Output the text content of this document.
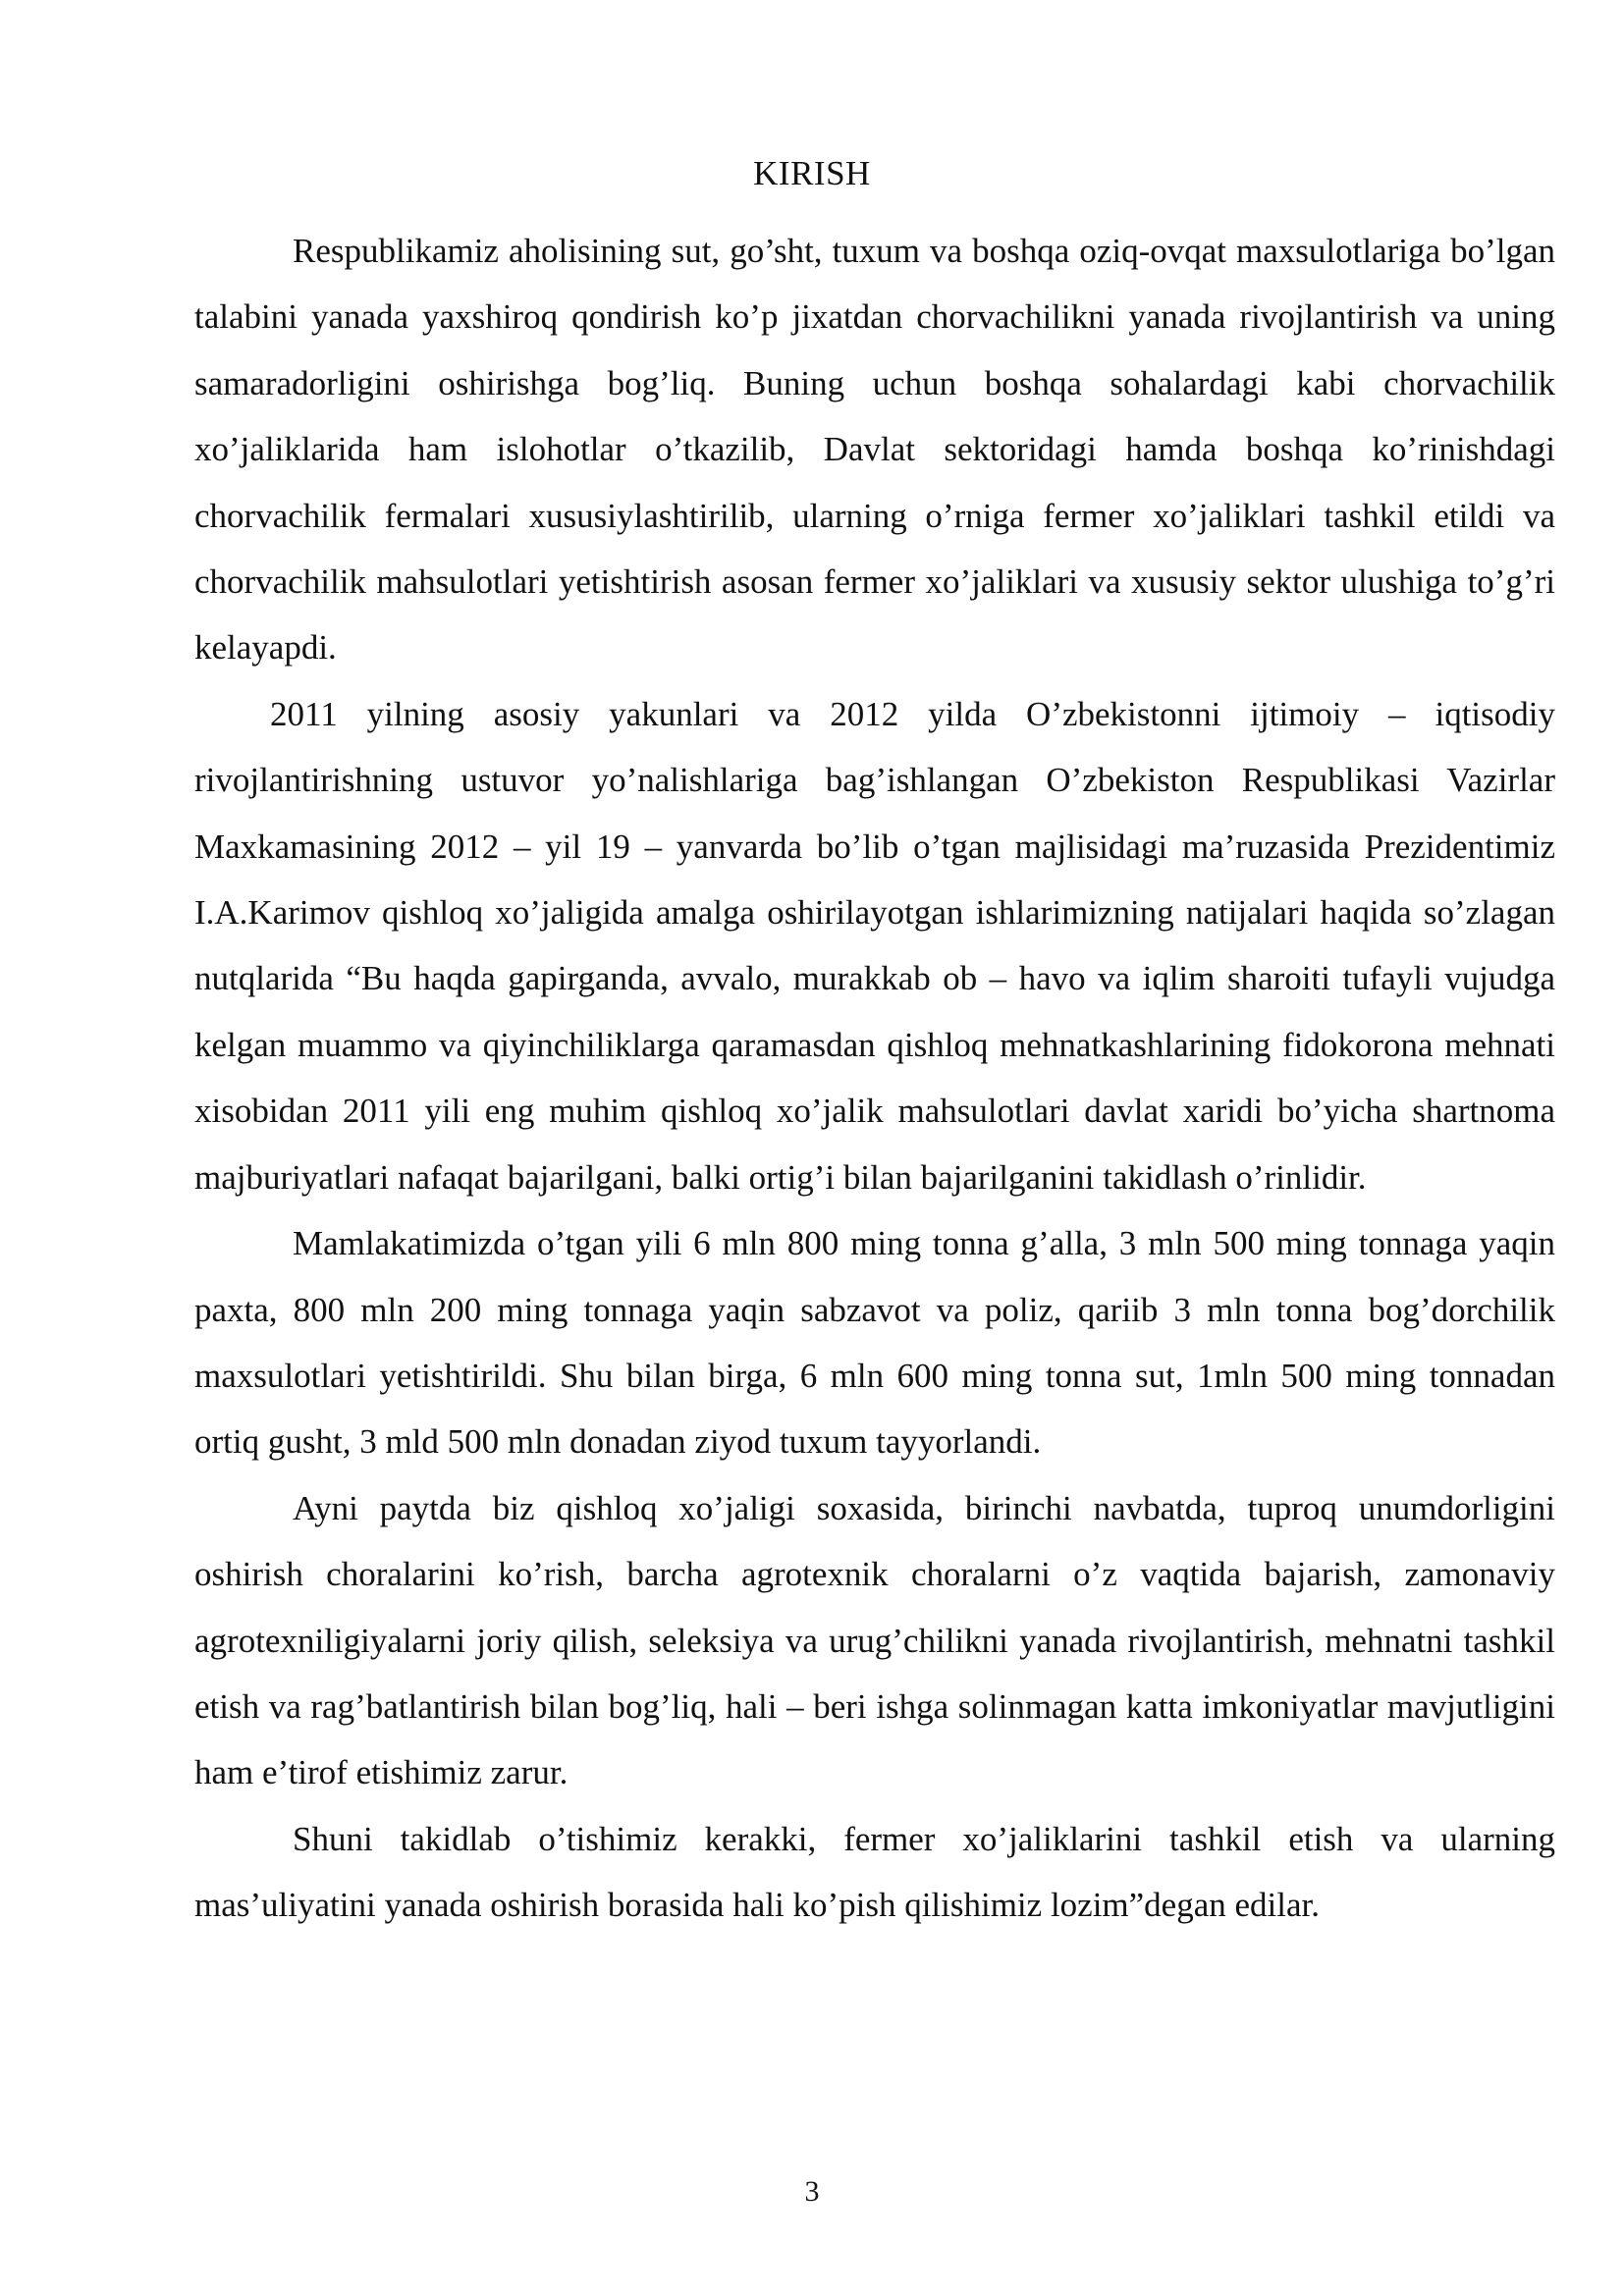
KIRISH

Respublikamiz aholisining sut, go’sht, tuxum va boshqa oziq-ovqat maxsulotlariga bo’lgan talabini yanada yaxshiroq qondirish ko’p jixatdan chorvachilikni yanada rivojlantirish va uning samaradorligini oshirishga bog’liq. Buning uchun boshqa sohalardagi kabi chorvachilik xo’jaliklarida ham islohotlar o’tkazilib, Davlat sektoridagi hamda boshqa ko’rinishdagi chorvachilik fermalari xususiylashtirilib, ularning o’rniga fermer xo’jaliklari tashkil etildi va chorvachilik mahsulotlari yetishtirish asosan fermer xo’jaliklari va xususiy sektor ulushiga to’g’ri kelayapdi.

2011 yilning asosiy yakunlari va 2012 yilda O’zbekistonni ijtimoiy – iqtisodiy rivojlantirishning ustuvor yo’nalishlariga bag’ishlangan O’zbekiston Respublikasi Vazirlar Maxkamasining 2012 – yil 19 – yanvarda bo’lib o’tgan majlisidagi ma’ruzasida Prezidentimiz I.A.Karimov qishloq xo’jaligida amalga oshirilayotgan ishlarimizning natijalari haqida so’zlagan nutqlarida “Bu haqda gapirganda, avvalo, murakkab ob – havo va iqlim sharoiti tufayli vujudga kelgan muammo va qiyinchiliklarga qaramasdan qishloq mehnatkashlarining fidokorona mehnati xisobidan 2011 yili eng muhim qishloq xo’jalik mahsulotlari davlat xaridi bo’yicha shartnoma majburiyatlari nafaqat bajarilgani, balki ortig’i bilan bajarilganini takidlash o’rinlidir.

Mamlakatimizda o’tgan yili 6 mln 800 ming tonna g’alla, 3 mln 500 ming tonnaga yaqin paxta, 800 mln 200 ming tonnaga yaqin sabzavot va poliz, qariib 3 mln tonna bog’dorchilik maxsulotlari yetishtirildi. Shu bilan birga, 6 mln 600 ming tonna sut, 1mln 500 ming tonnadan ortiq gusht, 3 mld 500 mln donadan ziyod tuxum tayyorlandi.

Ayni paytda biz qishloq xo’jaligi soxasida, birinchi navbatda, tuproq unumdorligini oshirish choralarini ko’rish, barcha agrotexnik choralarni o’z vaqtida bajarish, zamonaviy agrotexniligiyalarni joriy qilish, seleksiya va urug’chilikni yanada rivojlantirish, mehnatni tashkil etish va rag’batlantirish bilan bog’liq, hali – beri ishga solinmagan katta imkoniyatlar mavjutligini ham e’tirof etishimiz zarur.

Shuni takidlab o’tishimiz kerakki, fermer xo’jaliklarini tashkil etish va ularning mas’uliyatini yanada oshirish borasida hali ko’pish qilishimiz lozim”degan edilar.

3
